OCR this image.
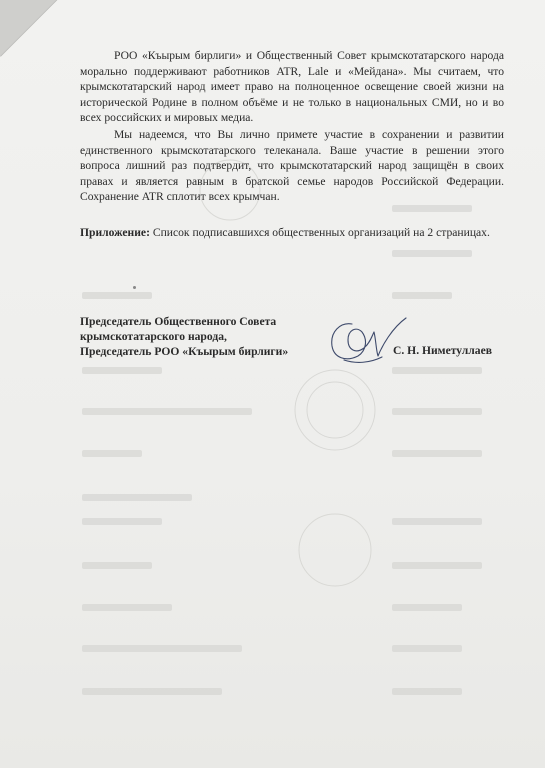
РОО «Къырым бирлиги» и Общественный Совет крымскотатарского народа морально поддерживают работников ATR, Lale и «Мейдана». Мы считаем, что крымскотатарский народ имеет право на полноценное освещение своей жизни на исторической Родине в полном объёме и не только в национальных СМИ, но и во всех российских и мировых медиа.

Мы надеемся, что Вы лично примете участие в сохранении и развитии единственного крымскотатарского телеканала. Ваше участие в решении этого вопроса лишний раз подтвердит, что крымскотатарский народ защищён в своих правах и является равным в братской семье народов Российской Федерации. Сохранение ATR сплотит всех крымчан.

Приложение: Список подписавшихся общественных организаций на 2 страницах.
Председатель Общественного Совета
крымскотатарского народа,
Председатель РОО «Къырым бирлиги»	С. Н. Ниметуллаев
